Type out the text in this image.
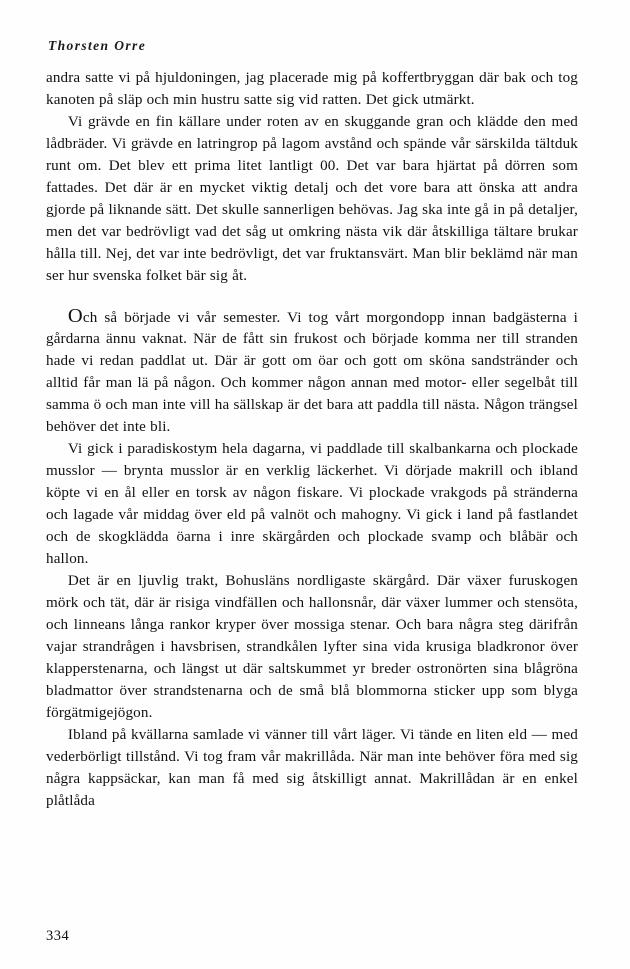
Thorsten Orre

andra satte vi på hjuldoningen, jag placerade mig på koffertbryggan där bak och tog kanoten på släp och min hustru satte sig vid ratten. Det gick utmärkt.

Vi grävde en fin källare under roten av en skuggande gran och klädde den med lådbräder. Vi grävde en latringrop på lagom avstånd och spände vår särskilda tältduk runt om. Det blev ett prima litet lantligt 00. Det var bara hjärtat på dörren som fattades. Det där är en mycket viktig detalj och det vore bara att önska att andra gjorde på liknande sätt. Det skulle sannerligen behövas. Jag ska inte gå in på detaljer, men det var bedrövligt vad det såg ut omkring nästa vik där åtskilliga tältare brukar hålla till. Nej, det var inte bedrövligt, det var fruktansvärt. Man blir beklämd när man ser hur svenska folket bär sig åt.

Och så började vi vår semester. Vi tog vårt morgondopp innan badgästerna i gårdarna ännu vaknat. När de fått sin frukost och började komma ner till stranden hade vi redan paddlat ut. Där är gott om öar och gott om sköna sandstränder och alltid får man lä på någon. Och kommer någon annan med motor- eller segelbåt till samma ö och man inte vill ha sällskap är det bara att paddla till nästa. Någon trängsel behöver det inte bli.

Vi gick i paradiskostym hela dagarna, vi paddlade till skalbankarna och plockade musslor — brynta musslor är en verklig läckerhet. Vi dörjade makrill och ibland köpte vi en ål eller en torsk av någon fiskare. Vi plockade vrakgods på stränderna och lagade vår middag över eld på valnöt och mahogny. Vi gick i land på fastlandet och de skogklädda öarna i inre skärgården och plockade svamp och blåbär och hallon.

Det är en ljuvlig trakt, Bohusläns nordligaste skärgård. Där växer furuskogen mörk och tät, där är risiga vindfällen och hallonsnår, där växer lummer och stensöta, och linneans långa rankor kryper över mossiga stenar. Och bara några steg därifrån vajar strandrågen i havsbrisen, strandkålen lyfter sina vida krusiga bladkronor över klapperstenarna, och längst ut där saltskummet yr breder ostronörten sina blågröna bladmattor över strandstenarna och de små blå blommorna sticker upp som blyga förgätmigejögon.

Ibland på kvällarna samlade vi vänner till vårt läger. Vi tände en liten eld — med vederbörligt tillstånd. Vi tog fram vår makrillåda. När man inte behöver föra med sig några kappsäckar, kan man få med sig åtskilligt annat. Makrillådan är en enkel plåtlåda

334
